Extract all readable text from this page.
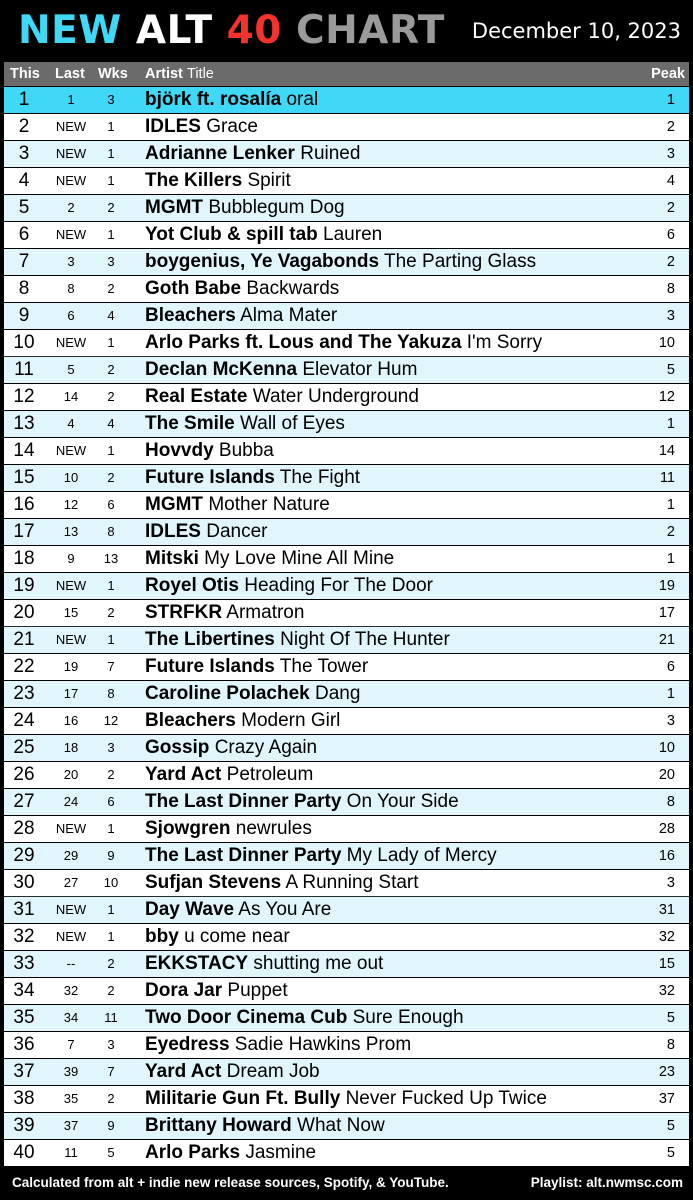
NEW ALT 40 CHART December 10, 2023
This Last Wks Artist Title	Peak
1	1	3	björk ft. rosalía oral	1
2	NEW	1	IDLES Grace	2
3	NEW	1	Adrianne Lenker Ruined	3
4	NEW	1	The Killers Spirit	4
5	2	2	MGMT Bubblegum Dog	2
6	NEW	1	Yot Club & spill tab Lauren	6
7	3	3	boygenius, Ye Vagabonds The Parting Glass	2
8	8	2	Goth Babe Backwards	8
9	6	4	Bleachers Alma Mater	3
10	NEW	1	Arlo Parks ft. Lous and The Yakuza I'm Sorry	10
11	5	2	Declan McKenna Elevator Hum	5
12	14	2	Real Estate Water Underground	12
13	4	4	The Smile Wall of Eyes	1
14	NEW	1	Hovvdy Bubba	14
15	10	2	Future Islands The Fight	11
16	12	6	MGMT Mother Nature	1
17	13	8	IDLES Dancer	2
18	9	13	Mitski My Love Mine All Mine	1
19	NEW	1	Royel Otis Heading For The Door	19
20	15	2	STRFKR Armatron	17
21	NEW	1	The Libertines Night Of The Hunter	21
22	19	7	Future Islands The Tower	6
23	17	8	Caroline Polachek Dang	1
24	16	12	Bleachers Modern Girl	3
25	18	3	Gossip Crazy Again	10
26	20	2	Yard Act Petroleum	20
27	24	6	The Last Dinner Party On Your Side	8
28	NEW	1	Sjowgren newrules	28
29	29	9	The Last Dinner Party My Lady of Mercy	16
30	27	10	Sufjan Stevens A Running Start	3
31	NEW	1	Day Wave As You Are	31
32	NEW	1	bby u come near	32
33	--	2	EKKSTACY shutting me out	15
34	32	2	Dora Jar Puppet	32
35	34	11	Two Door Cinema Cub Sure Enough	5
36	7	3	Eyedress Sadie Hawkins Prom	8
37	39	7	Yard Act Dream Job	23
38	35	2	Militarie Gun Ft. Bully Never Fucked Up Twice	37
39	37	9	Brittany Howard What Now	5
40	11	5	Arlo Parks Jasmine	5
Calculated from alt + indie new release sources, Spotify, & YouTube.	Playlist: alt.nwmsc.com
